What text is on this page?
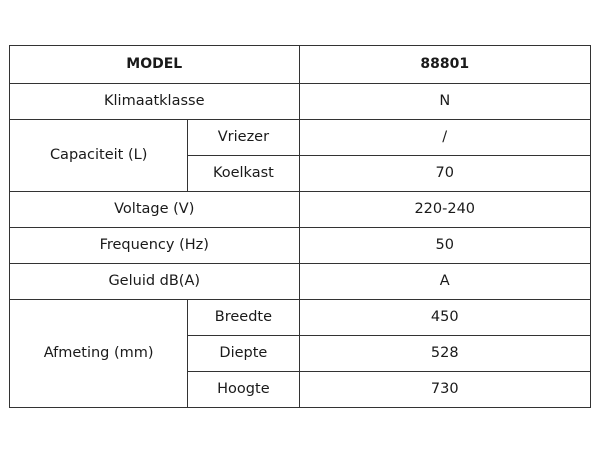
MODEL		88801
Klimaatklasse		N
Capaciteit (L)	Vriezer	/
	Koelkast	70
Voltage (V)		220-240
Frequency (Hz)		50
Geluid dB(A)		A
Afmeting (mm)	Breedte	450
	Diepte	528
	Hoogte	730
